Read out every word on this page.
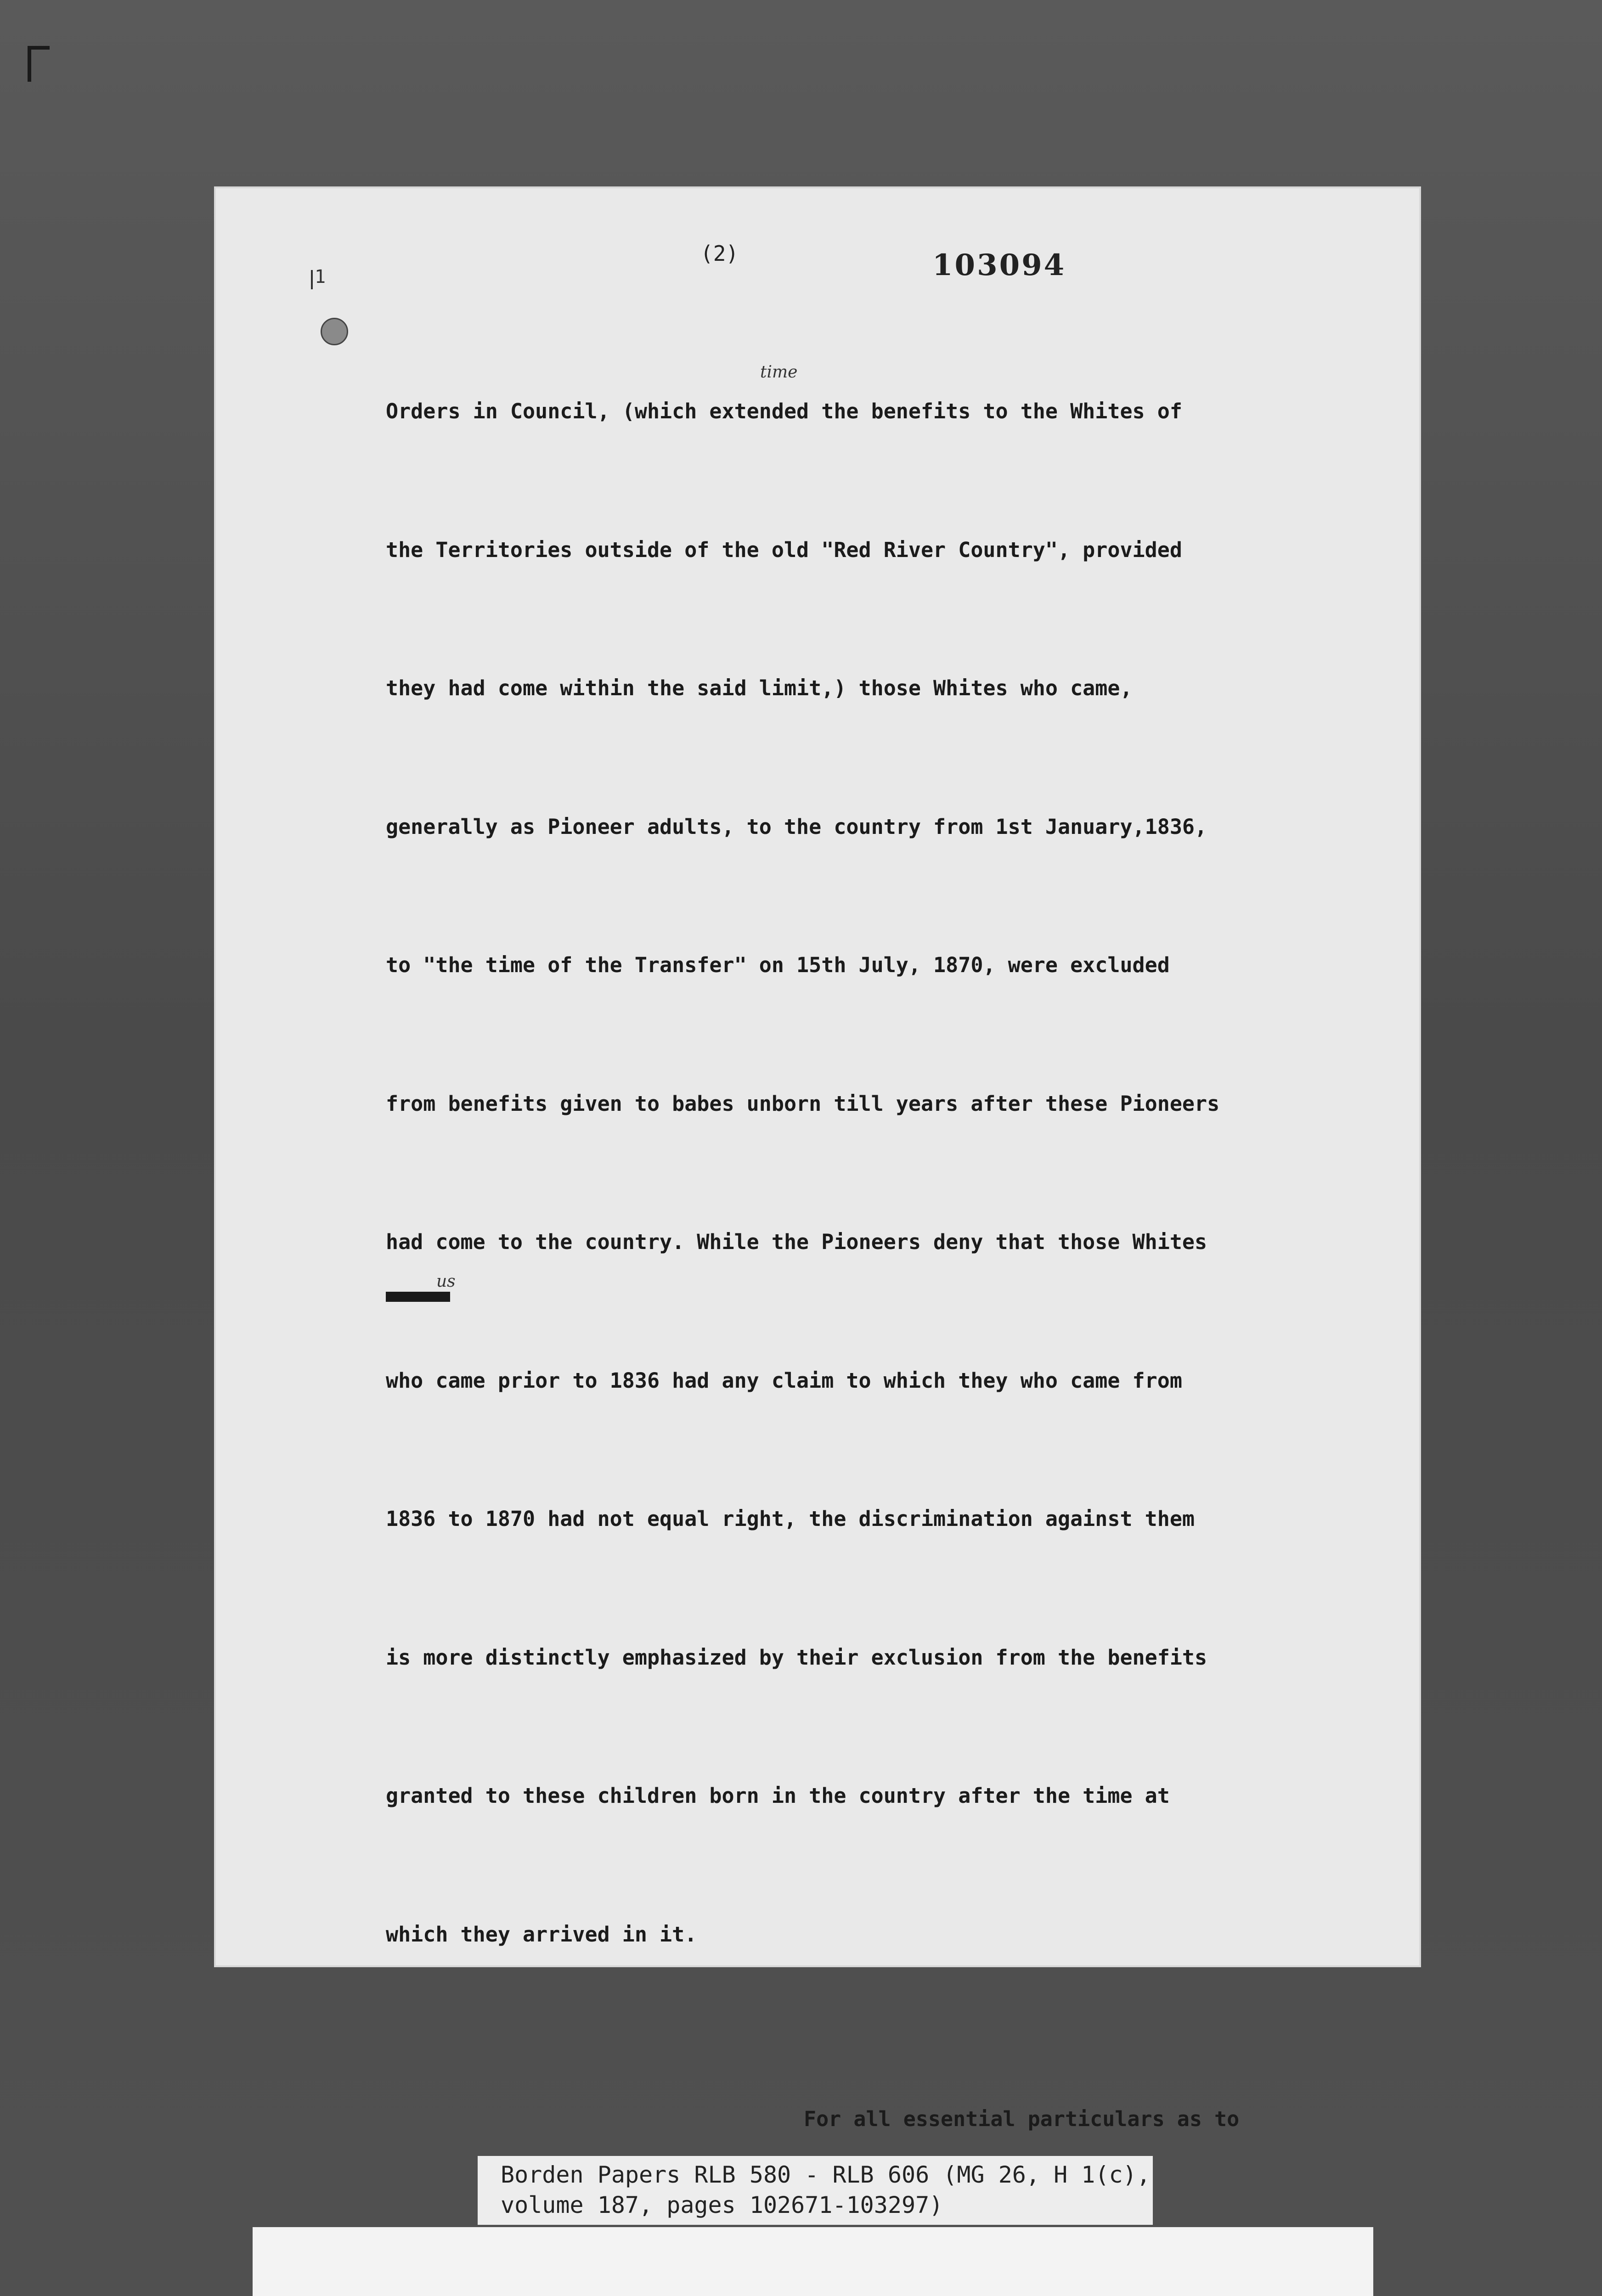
1
(2)	103094
time
us

Orders in Council, (which extended the benefits to the Whites of

the Territories outside of the old "Red River Country", provided

they had come within the said limit,) those Whites who came,

generally as Pioneer adults, to the country from 1st January,1836,

to "the time of the Transfer" on 15th July, 1870, were excluded

from benefits given to babes unborn till years after these Pioneers

had come to the country. While the Pioneers deny that those Whites

who came prior to 1836 had any claim to which they who came from

1836 to 1870 had not equal right, the discrimination against them

is more distinctly emphasized by their exclusion from the benefits

granted to these children born in the country after the time at

which they arrived in it.

For all essential particulars as to

Borden Papers RLB 580 - RLB 606 (MG 26, H 1(c),
volume 187, pages 102671-103297)
